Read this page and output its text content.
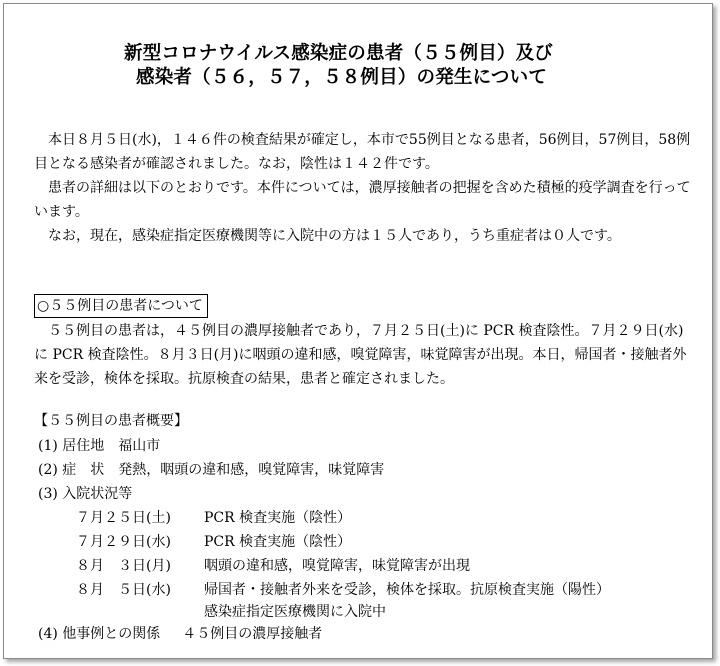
新型コロナウイルス感染症の患者（５５例目）及び
感染者（５６，５７，５８例目）の発生について

本日８月５日(水)，１４６件の検査結果が確定し，本市で55例目となる患者，56例目，57例目，58例目となる感染者が確認されました。なお，陰性は１４２件です。

患者の詳細は以下のとおりです。本件については，濃厚接触者の把握を含めた積極的疫学調査を行っています。

なお，現在，感染症指定医療機関等に入院中の方は１５人であり，うち重症者は０人です。

○５５例目の患者について

５５例目の患者は，４５例目の濃厚接触者であり，７月２５日(土)に PCR 検査陰性。７月２９日(水)に PCR 検査陰性。８月３日(月)に咽頭の違和感，嗅覚障害，味覚障害が出現。本日，帰国者・接触者外来を受診，検体を採取。抗原検査の結果，患者と確定されました。

【５５例目の患者概要】
(1) 居住地 福山市
(2) 症　状 発熱，咽頭の違和感，嗅覚障害，味覚障害
(3) 入院状況等
７月２５日(土) PCR 検査実施（陰性）
７月２９日(水) PCR 検査実施（陰性）
８月　３日(月) 咽頭の違和感，嗅覚障害，味覚障害が出現
８月　５日(水) 帰国者・接触者外来を受診，検体を採取。抗原検査実施（陽性）
感染症指定医療機関に入院中
(4) 他事例との関係 ４５例目の濃厚接触者
